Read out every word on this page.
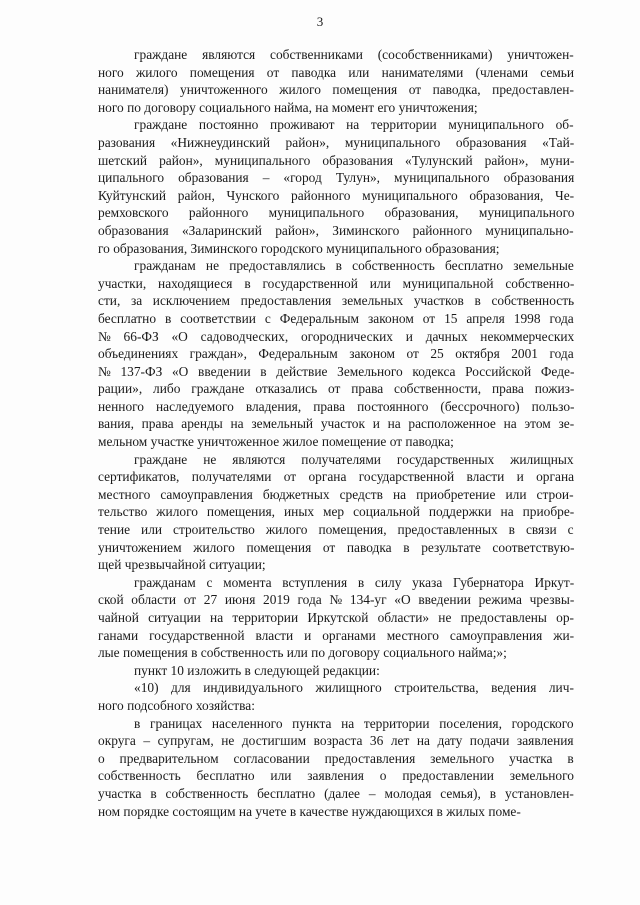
3

граждане являются собственниками (сособственниками) уничтожен-
ного жилого помещения от паводка или нанимателями (членами семьи
нанимателя) уничтоженного жилого помещения от паводка, предоставлен-
ного по договору социального найма, на момент его уничтожения;

граждане постоянно проживают на территории муниципального об-
разования «Нижнеудинский район», муниципального образования «Тай-
шетский район», муниципального образования «Тулунский район», муни-
ципального образования – «город Тулун», муниципального образования
Куйтунский район, Чунского районного муниципального образования, Че-
ремховского районного муниципального образования, муниципального
образования «Заларинский район», Зиминского районного муниципально-
го образования, Зиминского городского муниципального образования;

гражданам не предоставлялись в собственность бесплатно земельные
участки, находящиеся в государственной или муниципальной собственно-
сти, за исключением предоставления земельных участков в собственность
бесплатно в соответствии с Федеральным законом от 15 апреля 1998 года
№ 66-ФЗ «О садоводческих, огороднических и дачных некоммерческих
объединениях граждан», Федеральным законом от 25 октября 2001 года
№ 137-ФЗ «О введении в действие Земельного кодекса Российской Феде-
рации», либо граждане отказались от права собственности, права пожиз-
ненного наследуемого владения, права постоянного (бессрочного) пользо-
вания, права аренды на земельный участок и на расположенное на этом зе-
мельном участке уничтоженное жилое помещение от паводка;

граждане не являются получателями государственных жилищных
сертификатов, получателями от органа государственной власти и органа
местного самоуправления бюджетных средств на приобретение или строи-
тельство жилого помещения, иных мер социальной поддержки на приобре-
тение или строительство жилого помещения, предоставленных в связи с
уничтожением жилого помещения от паводка в результате соответствую-
щей чрезвычайной ситуации;

гражданам с момента вступления в силу указа Губернатора Иркут-
ской области от 27 июня 2019 года № 134-уг «О введении режима чрезвы-
чайной ситуации на территории Иркутской области» не предоставлены ор-
ганами государственной власти и органами местного самоуправления жи-
лые помещения в собственность или по договору социального найма;»;

пункт 10 изложить в следующей редакции:

«10) для индивидуального жилищного строительства, ведения лич-
ного подсобного хозяйства:

в границах населенного пункта на территории поселения, городского
округа – супругам, не достигшим возраста 36 лет на дату подачи заявления
о предварительном согласовании предоставления земельного участка в
собственность бесплатно или заявления о предоставлении земельного
участка в собственность бесплатно (далее – молодая семья), в установлен-
ном порядке состоящим на учете в качестве нуждающихся в жилых поме-
